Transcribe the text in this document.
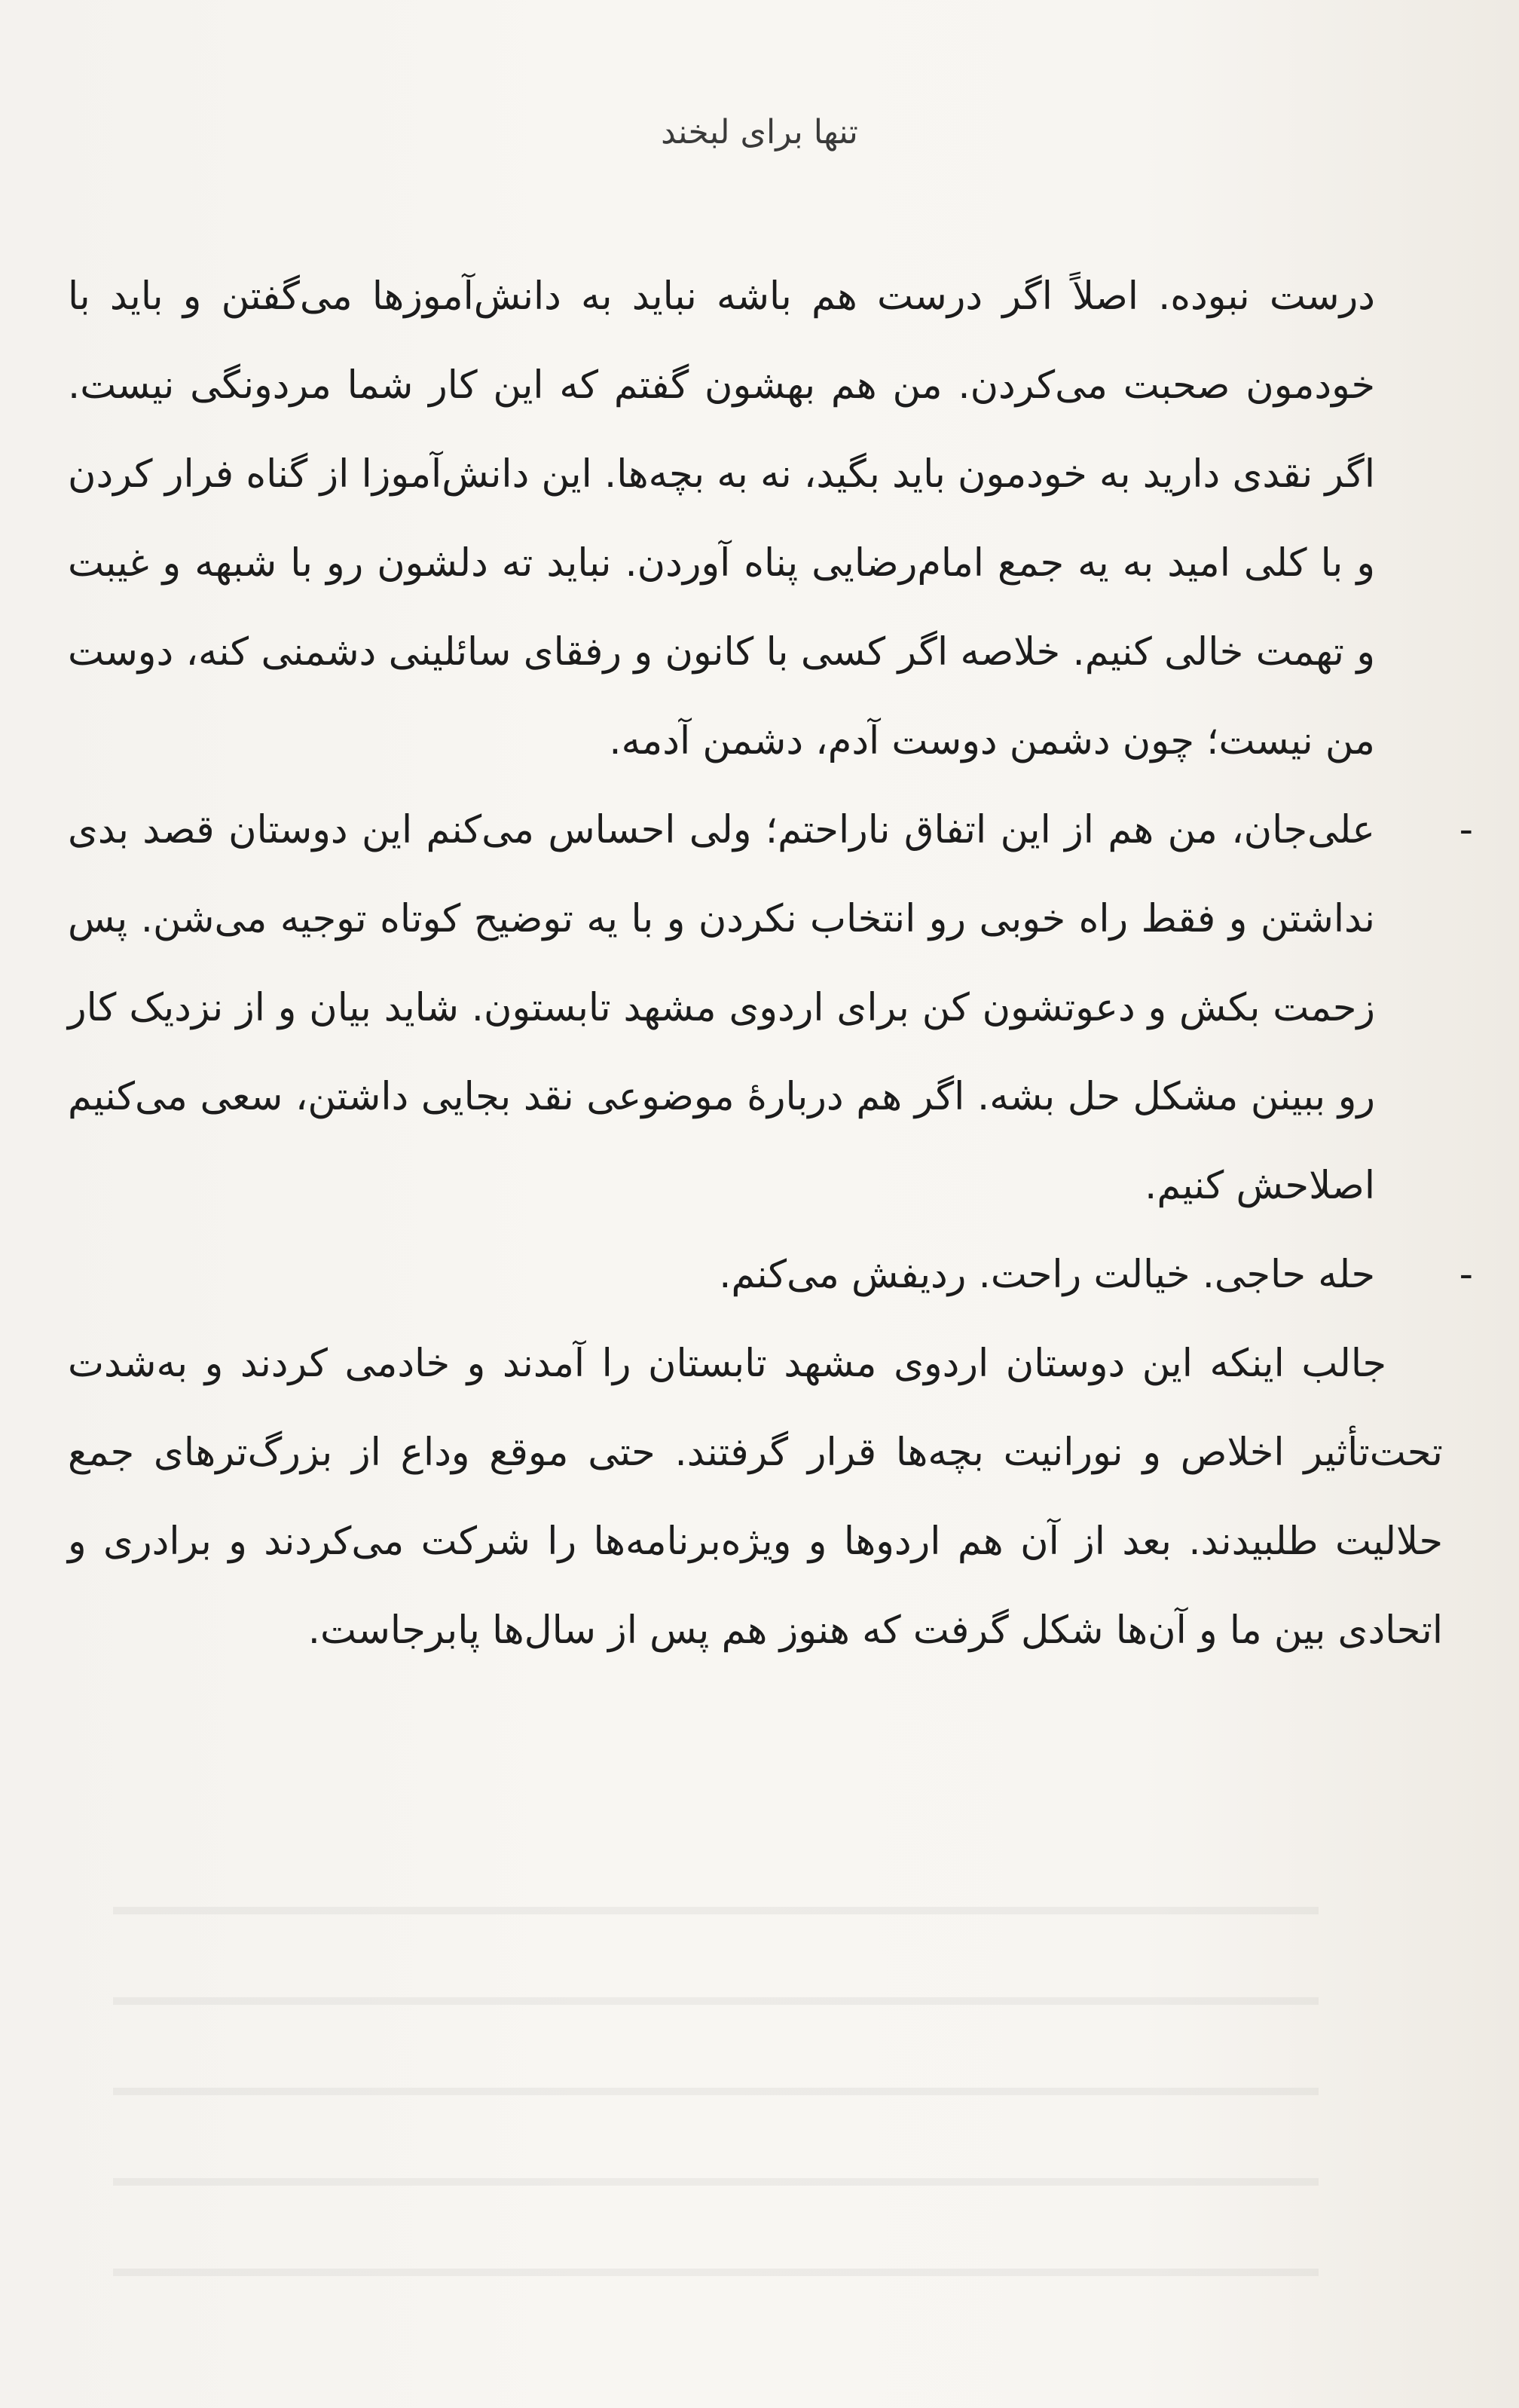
تنها برای لبخند

درست نبوده. اصلاً اگر درست هم باشه نباید به دانش‌آموزها می‌گفتن و باید با خودمون صحبت می‌کردن. من هم بهشون گفتم که این کار شما مردونگی نیست. اگر نقدی دارید به خودمون باید بگید، نه به بچه‌ها. این دانش‌آموزا از گناه فرار کردن و با کلی امید به یه جمع امام‌رضایی پناه آوردن. نباید ته دلشون رو با شبهه و غیبت و تهمت خالی کنیم. خلاصه اگر کسی با کانون و رفقای سائلینی دشمنی کنه، دوست من نیست؛ چون دشمن دوست آدم، دشمن آدمه.

-
علی‌جان، من هم از این اتفاق ناراحتم؛ ولی احساس می‌کنم این دوستان قصد بدی نداشتن و فقط راه خوبی رو انتخاب نکردن و با یه توضیح کوتاه توجیه می‌شن. پس زحمت بکش و دعوتشون کن برای اردوی مشهد تابستون. شاید بیان و از نزدیک کار رو ببینن مشکل حل بشه. اگر هم دربارۀ موضوعی نقد بجایی داشتن، سعی می‌کنیم اصلاحش کنیم.

-
حله حاجی. خیالت راحت. ردیفش می‌کنم.

جالب اینکه این دوستان اردوی مشهد تابستان را آمدند و خادمی کردند و به‌شدت تحت‌تأثیر اخلاص و نورانیت بچه‌ها قرار گرفتند. حتی موقع وداع از بزرگ‌ترهای جمع حلالیت طلبیدند. بعد از آن هم اردوها و ویژه‌برنامه‌ها را شرکت می‌کردند و برادری و اتحادی بین ما و آن‌ها شکل گرفت که هنوز هم پس از سال‌ها پابرجاست.
